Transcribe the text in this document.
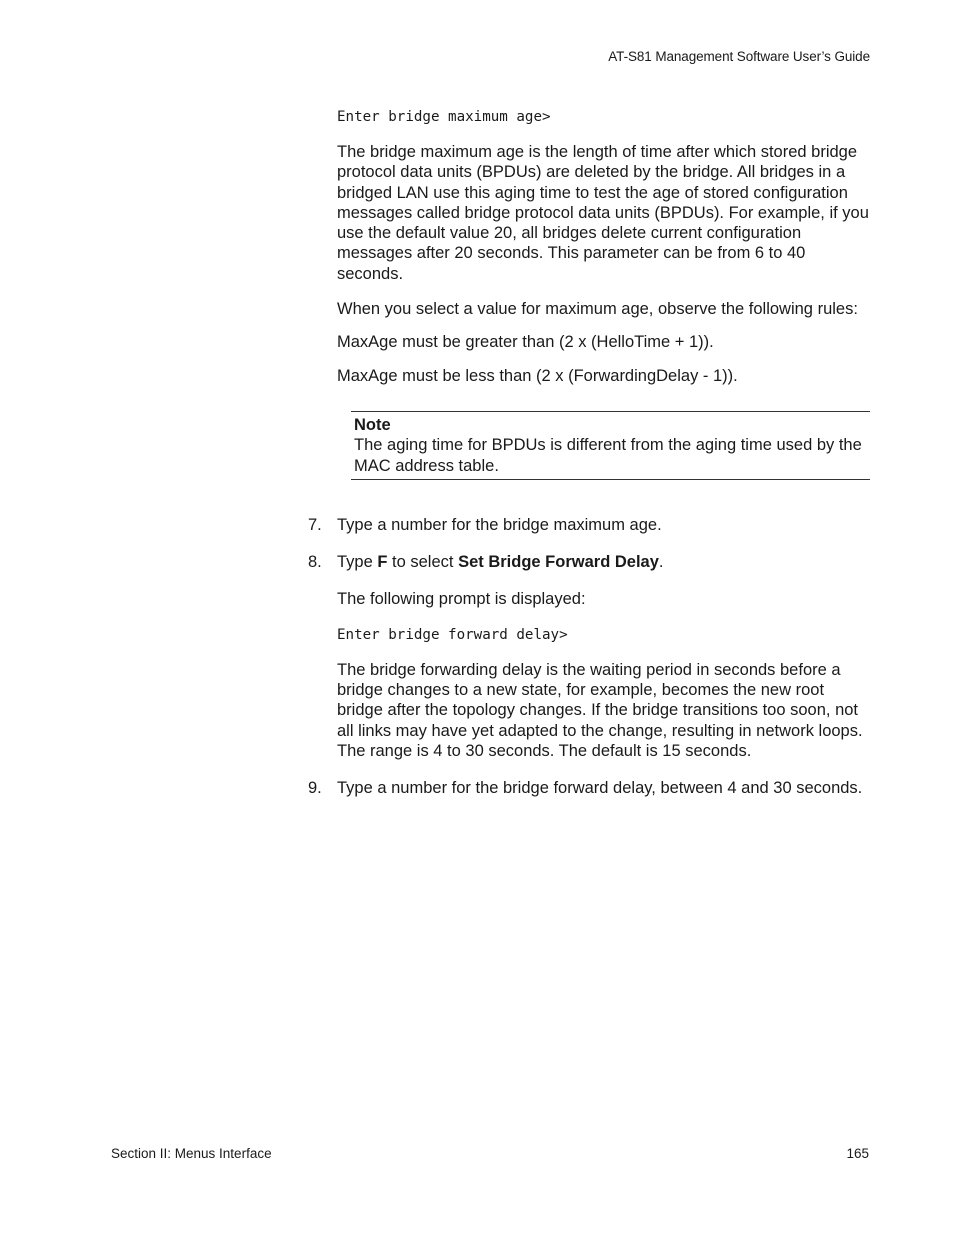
AT-S81 Management Software User’s Guide

Enter bridge maximum age>

The bridge maximum age is the length of time after which stored bridge protocol data units (BPDUs) are deleted by the bridge. All bridges in a bridged LAN use this aging time to test the age of stored configuration messages called bridge protocol data units (BPDUs). For example, if you use the default value 20, all bridges delete current configuration messages after 20 seconds. This parameter can be from 6 to 40 seconds.

When you select a value for maximum age, observe the following rules:

MaxAge must be greater than (2 x (HelloTime + 1)).

MaxAge must be less than (2 x (ForwardingDelay - 1)).

Note

The aging time for BPDUs is different from the aging time used by the MAC address table.

7. Type a number for the bridge maximum age.

8. Type F to select Set Bridge Forward Delay.

The following prompt is displayed:

Enter bridge forward delay>

The bridge forwarding delay is the waiting period in seconds before a bridge changes to a new state, for example, becomes the new root bridge after the topology changes. If the bridge transitions too soon, not all links may have yet adapted to the change, resulting in network loops. The range is 4 to 30 seconds. The default is 15 seconds.

9. Type a number for the bridge forward delay, between 4 and 30 seconds.

Section II: Menus Interface	165
